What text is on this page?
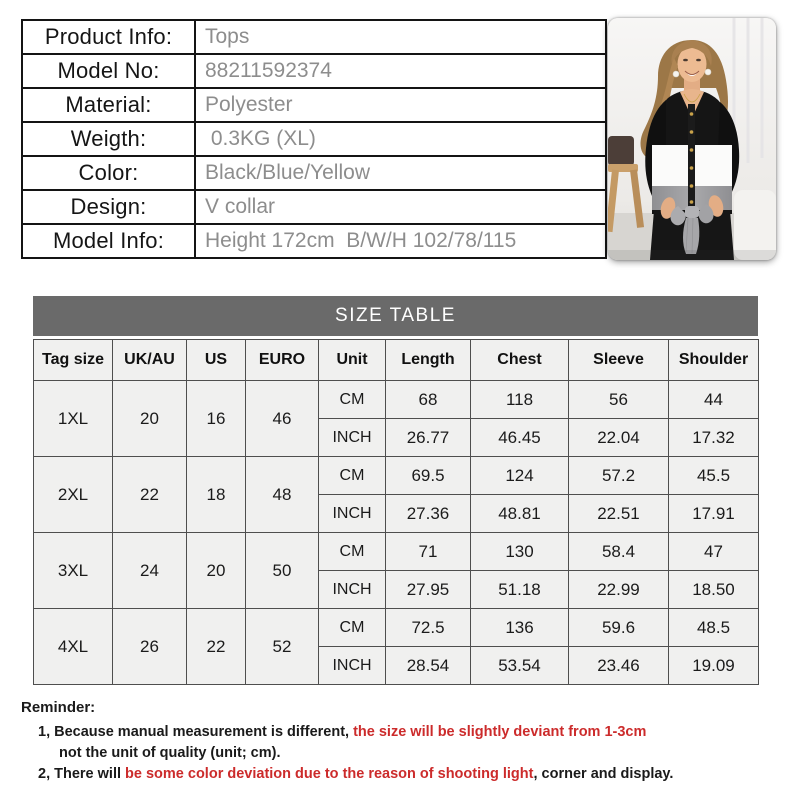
Product Info:	Tops
Model No:	88211592374
Material:	Polyester
Weigth:	0.3KG (XL)
Color:	Black/Blue/Yellow
Design:	V collar
Model Info:	Height 172cm  B/W/H 102/78/115
SIZE TABLE
Tag size	UK/AU	US	EURO	Unit	Length	Chest	Sleeve	Shoulder
1XL	20	16	46	CM	68	118	56	44
				INCH	26.77	46.45	22.04	17.32
2XL	22	18	48	CM	69.5	124	57.2	45.5
				INCH	27.36	48.81	22.51	17.91
3XL	24	20	50	CM	71	130	58.4	47
				INCH	27.95	51.18	22.99	18.50
4XL	26	22	52	CM	72.5	136	59.6	48.5
				INCH	28.54	53.54	23.46	19.09
Reminder:
1, Because manual measurement is different, the size will be slightly deviant from 1-3cm
not the unit of quality (unit; cm).
2, There will be some color deviation due to the reason of shooting light, corner and display.
